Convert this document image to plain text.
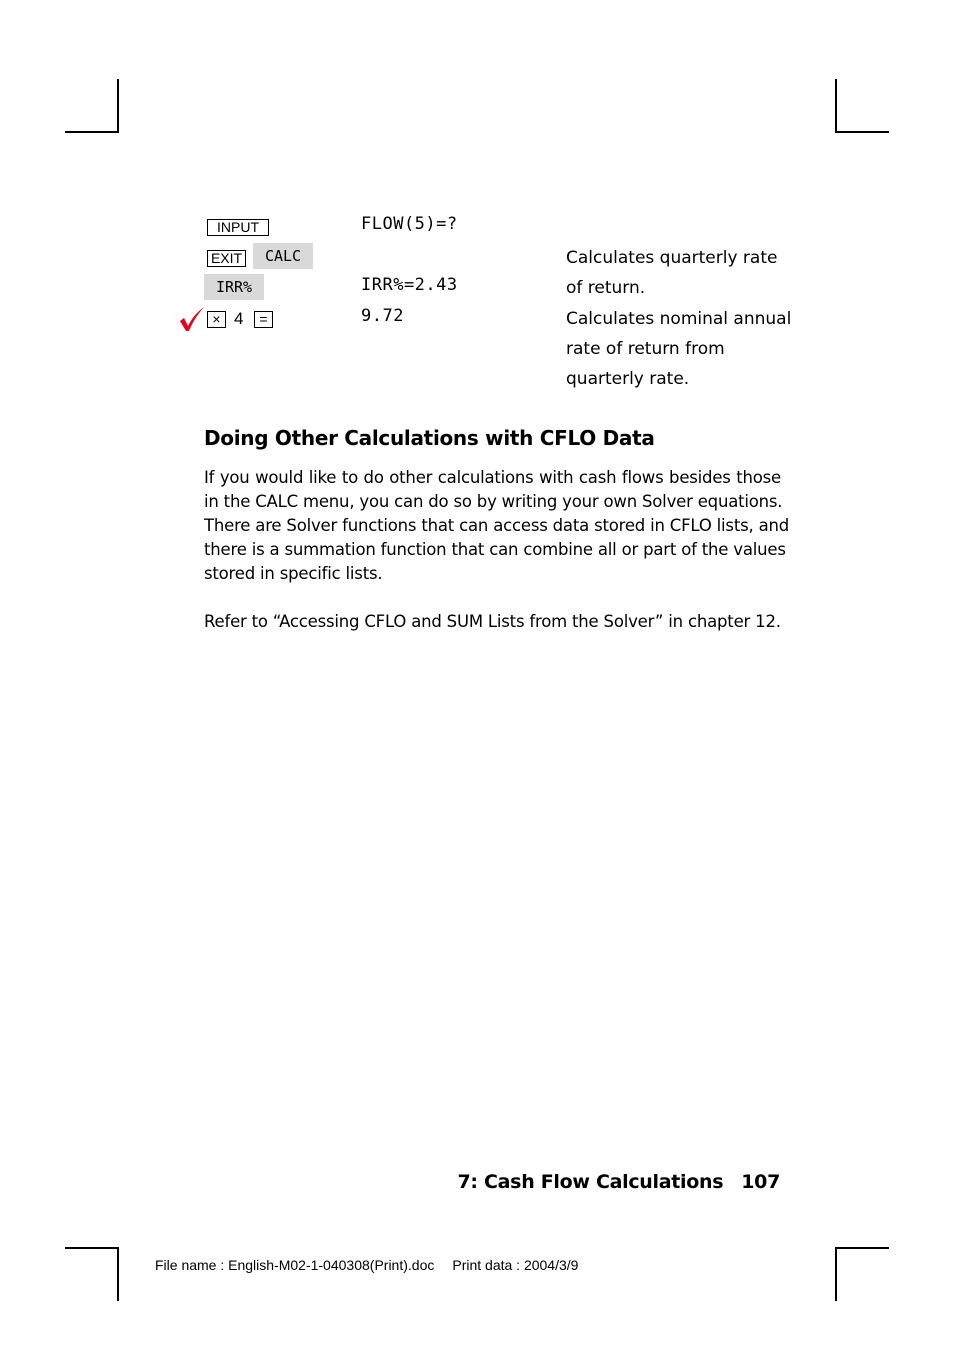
INPUT
EXIT	CALC
IRR%
× 4	=
FLOW(5)=?
IRR%=2.43
9.72
Calculates quarterly rate
of return.
Calculates nominal annual
rate of return from
quarterly rate.
Doing Other Calculations with CFLO Data
If you would like to do other calculations with cash flows besides those
in the CALC menu, you can do so by writing your own Solver equations.
There are Solver functions that can access data stored in CFLO lists, and
there is a summation function that can combine all or part of the values
stored in specific lists.
Refer to “Accessing CFLO and SUM Lists from the Solver” in chapter 12.
7: Cash Flow Calculations 107
File name : English-M02-1-040308(Print).doc Print data : 2004/3/9
